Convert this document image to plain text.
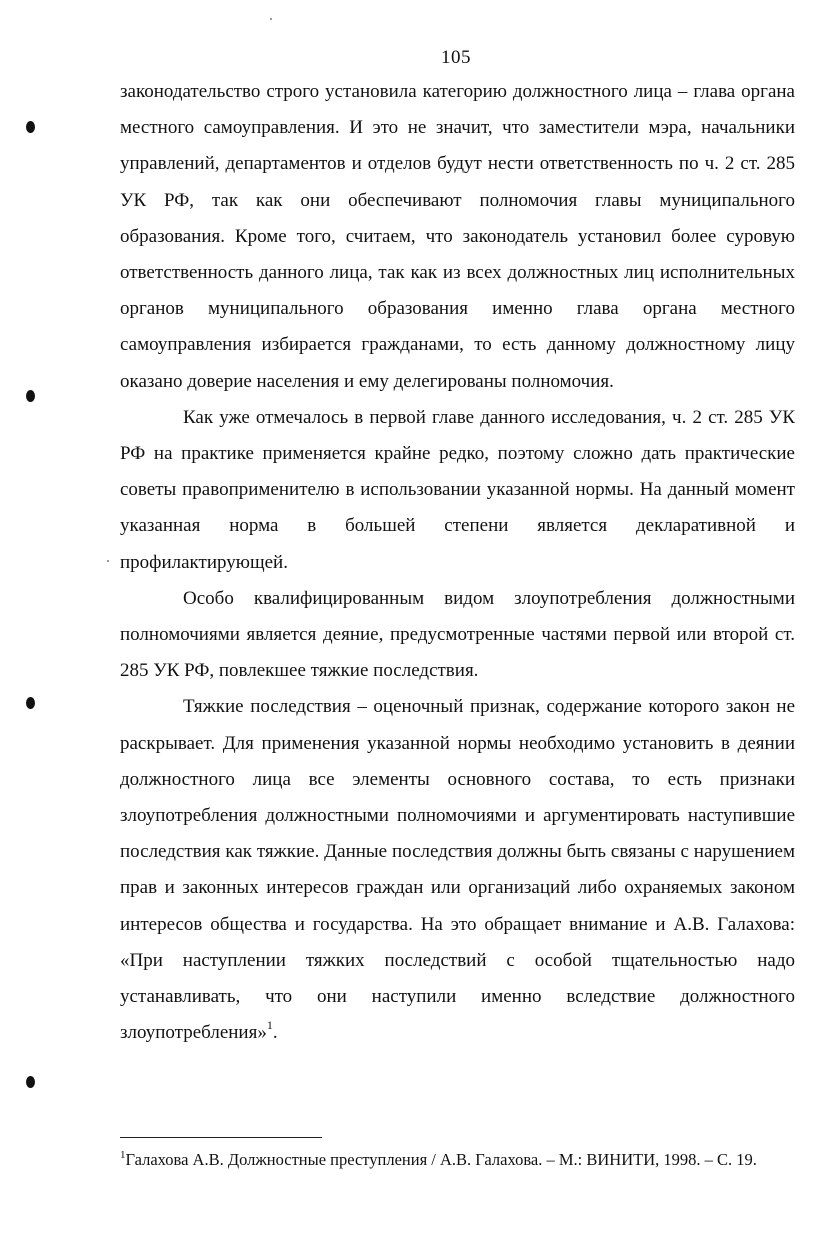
105

законодательство строго установила категорию должностного лица – глава органа местного самоуправления. И это не значит, что заместители мэра, начальники управлений, департаментов и отделов будут нести ответственность по ч. 2 ст. 285 УК РФ, так как они обеспечивают полномочия главы муниципального образования. Кроме того, считаем, что законодатель установил более суровую ответственность данного лица, так как из всех должностных лиц исполнительных органов муниципального образования именно глава органа местного самоуправления избирается гражданами, то есть данному должностному лицу оказано доверие населения и ему делегированы полномочия.

Как уже отмечалось в первой главе данного исследования, ч. 2 ст. 285 УК РФ на практике применяется крайне редко, поэтому сложно дать практические советы правоприменителю в использовании указанной нормы. На данный момент указанная норма в большей степени является декларативной и профилактирующей.

Особо квалифицированным видом злоупотребления должностными полномочиями является деяние, предусмотренные частями первой или второй ст. 285 УК РФ, повлекшее тяжкие последствия.

Тяжкие последствия – оценочный признак, содержание которого закон не раскрывает. Для применения указанной нормы необходимо установить в деянии должностного лица все элементы основного состава, то есть признаки злоупотребления должностными полномочиями и аргументировать наступившие последствия как тяжкие. Данные последствия должны быть связаны с нарушением прав и законных интересов граждан или организаций либо охраняемых законом интересов общества и государства. На это обращает внимание и А.В. Галахова: «При наступлении тяжких последствий с особой тщательностью надо устанавливать, что они наступили именно вследствие должностного злоупотребления»$^1$.

$^1$Галахова А.В. Должностные преступления / А.В. Галахова. – М.: ВИНИТИ, 1998. – С. 19.
